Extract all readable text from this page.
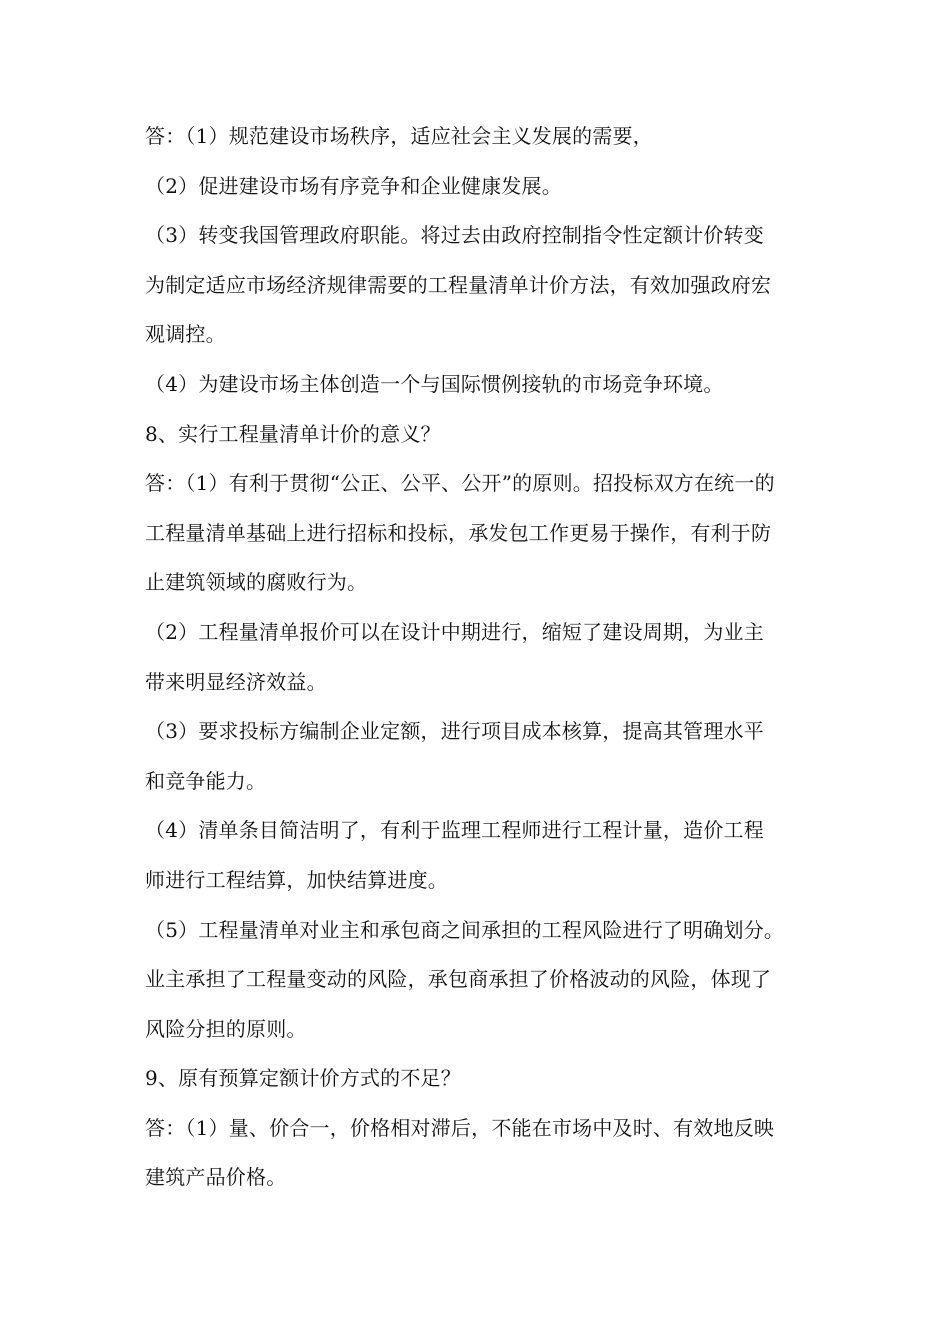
答：（1）规范建设市场秩序，适应社会主义发展的需要，
（2）促进建设市场有序竞争和企业健康发展。
（3）转变我国管理政府职能。将过去由政府控制指令性定额计价转变
为制定适应市场经济规律需要的工程量清单计价方法，有效加强政府宏
观调控。
（4）为建设市场主体创造一个与国际惯例接轨的市场竞争环境。
8、实行工程量清单计价的意义？
答：（1）有利于贯彻“公正、公平、公开”的原则。招投标双方在统一的
工程量清单基础上进行招标和投标，承发包工作更易于操作，有利于防
止建筑领域的腐败行为。
（2）工程量清单报价可以在设计中期进行，缩短了建设周期，为业主
带来明显经济效益。
（3）要求投标方编制企业定额，进行项目成本核算，提高其管理水平
和竞争能力。
（4）清单条目简洁明了，有利于监理工程师进行工程计量，造价工程
师进行工程结算，加快结算进度。
（5）工程量清单对业主和承包商之间承担的工程风险进行了明确划分。
业主承担了工程量变动的风险，承包商承担了价格波动的风险，体现了
风险分担的原则。
9、原有预算定额计价方式的不足？
答：（1）量、价合一，价格相对滞后，不能在市场中及时、有效地反映
建筑产品价格。
